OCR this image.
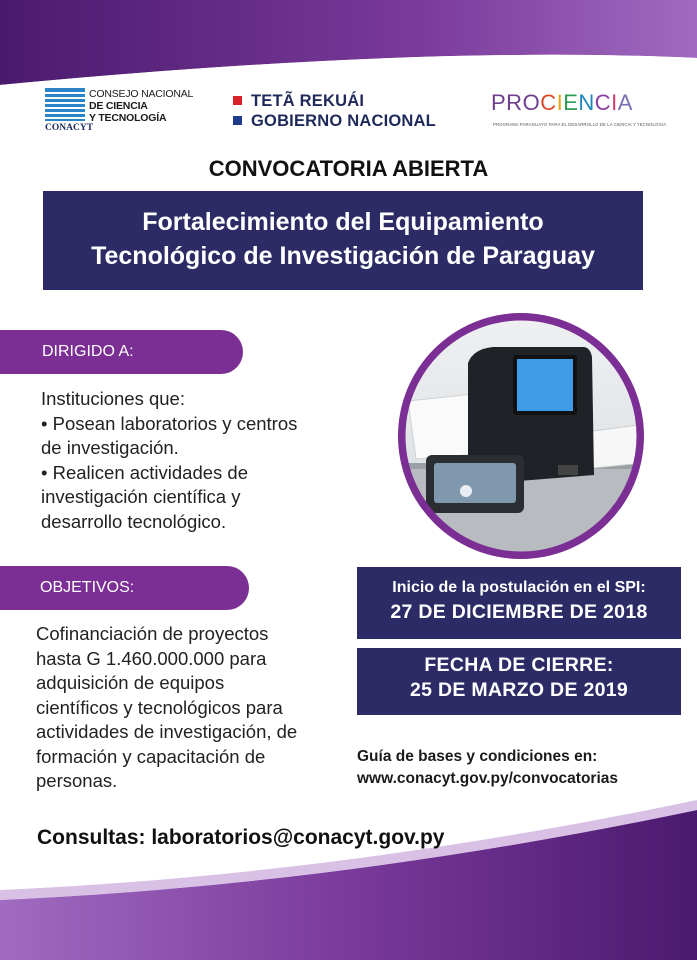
CONACYT
CONSEJO NACIONAL
DE CIENCIA
Y TECNOLOGÍA
TETÃ REKUÁI
GOBIERNO NACIONAL
PROCIENCIA
PROGRAMA PARAGUAYO PARA EL DESARROLLO DE LA CIENCIA Y TECNOLOGÍA
CONVOCATORIA ABIERTA
Fortalecimiento del Equipamiento
Tecnológico de Investigación de Paraguay
DIRIGIDO A:
Instituciones que:
• Posean laboratorios y centros
de investigación.
• Realicen actividades de
investigación científica y
desarrollo tecnológico.
OBJETIVOS:
Cofinanciación de proyectos
hasta G 1.460.000.000 para
adquisición de equipos
científicos y tecnológicos para
actividades de investigación, de
formación y capacitación de
personas.
Inicio de la postulación en el SPI:
27 DE DICIEMBRE DE 2018
FECHA DE CIERRE:
25 DE MARZO DE 2019
Guía de bases y condiciones en:
www.conacyt.gov.py/convocatorias
Consultas: laboratorios@conacyt.gov.py
